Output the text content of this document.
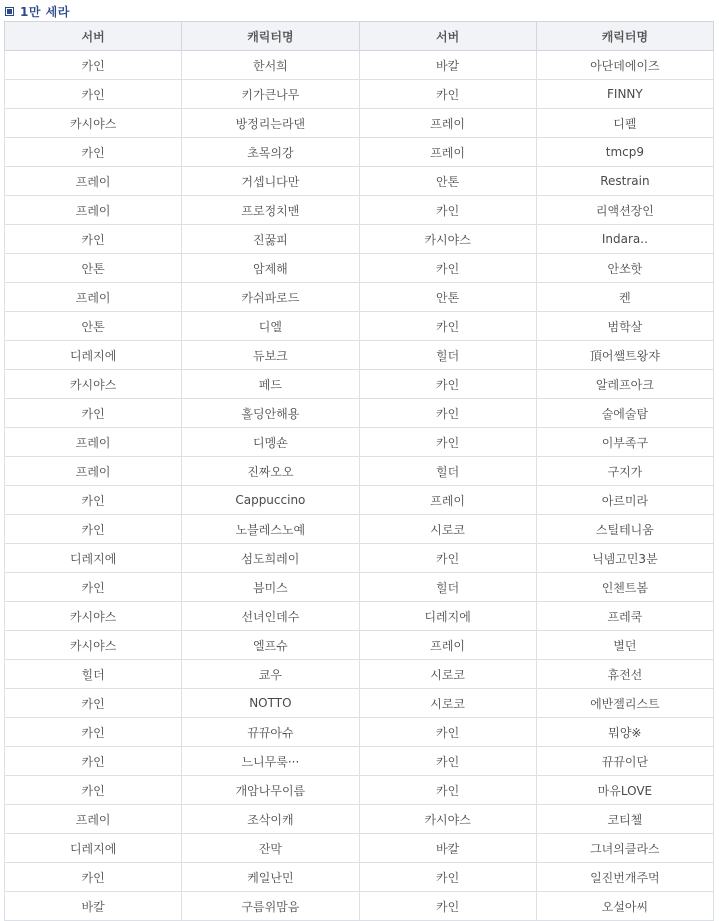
1만 세라
서버	캐릭터명	서버	캐릭터명
카인	한서희	바칼	아단데에이즈
카인	키가큰나무	카인	FINNY
카시야스	방정리는라댄	프레이	디펠
카인	초목의강	프레이	tmcp9
프레이	거셉니다만	안톤	Restrain
프레이	프로정치맨	카인	리액션장인
카인	진꿇피	카시야스	Indara..
안톤	암제해	카인	안쏘핫
프레이	카쉬파로드	안톤	켄
안톤	디엘	카인	범학살
디레지에	듀보크	힐더	頂어쌜트왕쟈
카시야스	페드	카인	알레프아크
카인	홀딩안해용	카인	술에술탐
프레이	디멩숀	카인	이부족구
프레이	진짜오오	힐더	구지가
카인	Cappuccino	프레이	아르미라
카인	노블레스노예	시로코	스틸테니움
디레지에	섬도희레이	카인	닉넴고민3분
카인	븜미스	힐더	인첸트봄
카시야스	선녀인데수	디레지에	프레쿡
카시야스	엘프슈	프레이	별던
힐더	쿄우	시로코	휴전선
카인	NOTTO	시로코	에반젤리스트
카인	뀨뀨아슈	카인	뭐양※
카인	느니무룩···	카인	뀨뀨이단
카인	개암나무이름	카인	마유LOVE
프레이	조삭이캐	카시야스	코티첼
디레지에	잔막	바칼	그녀의클라스
카인	케일난민	카인	일진번개주먹
바칼	구름위맘음	카인	오설아씨
